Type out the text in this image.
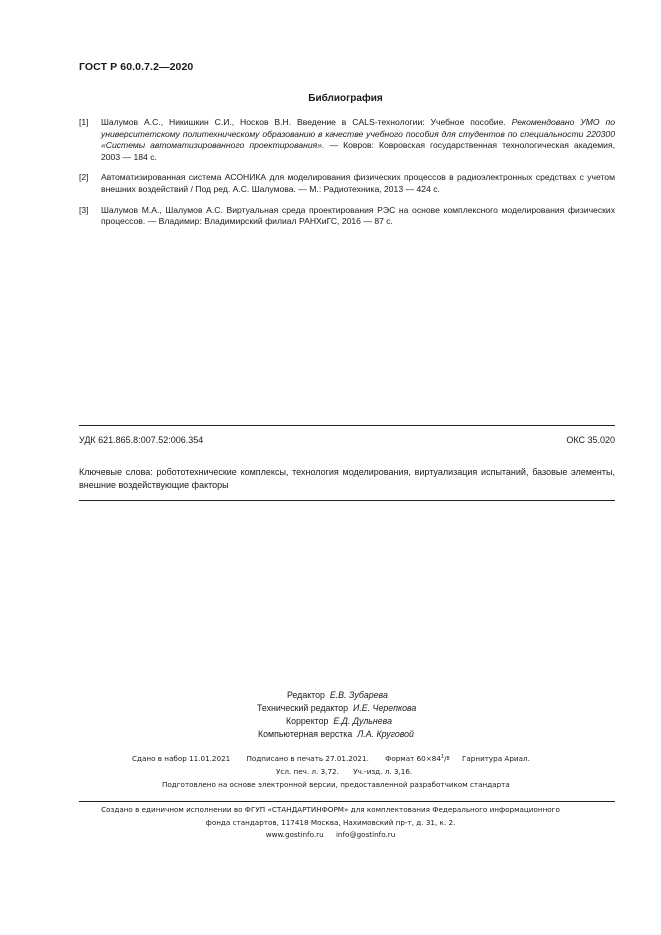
ГОСТ Р 60.0.7.2—2020
Библиография
[1]	Шалумов А.С., Никишкин С.И., Носков В.Н. Введение в CALS-технологии: Учебное пособие. Рекомендовано УМО по университетскому политехническому образованию в качестве учебного пособия для студентов по специальности 220300 «Системы автоматизированного проектирования». — Ковров: Ковровская государственная технологическая академия, 2003 — 184 с.
[2]	Автоматизированная система АСОНИКА для моделирования физических процессов в радиоэлектронных средствах с учетом внешних воздействий / Под ред. А.С. Шалумова. — М.: Радиотехника, 2013 — 424 с.
[3]	Шалумов М.А., Шалумов А.С. Виртуальная среда проектирования РЭС на основе комплексного моделирования физических процессов. — Владимир: Владимирский филиал РАНХиГС, 2016 — 87 с.
УДК 621.865.8:007.52:006.354	ОКС 35.020
Ключевые слова: робототехнические комплексы, технология моделирования, виртуализация испытаний, базовые элементы, внешние воздействующие факторы
Редактор Е.В. Зубарева
Технический редактор И.Е. Черепкова
Корректор Е.Д. Дульнева
Компьютерная верстка Л.А. Круговой
Сдано в набор 11.01.2021 Подписано в печать 27.01.2021. Формат $60\times 84^1/8$ Гарнитура Ариал.
Усл. печ. л. 3,72. Уч.-изд. л. 3,16.
Подготовлено на основе электронной версии, предоставленной разработчиком стандарта
Создано в единичном исполнении во ФГУП «СТАНДАРТИНФОРМ» для комплектования Федерального информационного
фонда стандартов, 117418 Москва, Нахимовский пр-т, д. 31, к. 2.
www.gostinfo.ru info@gostinfo.ru
